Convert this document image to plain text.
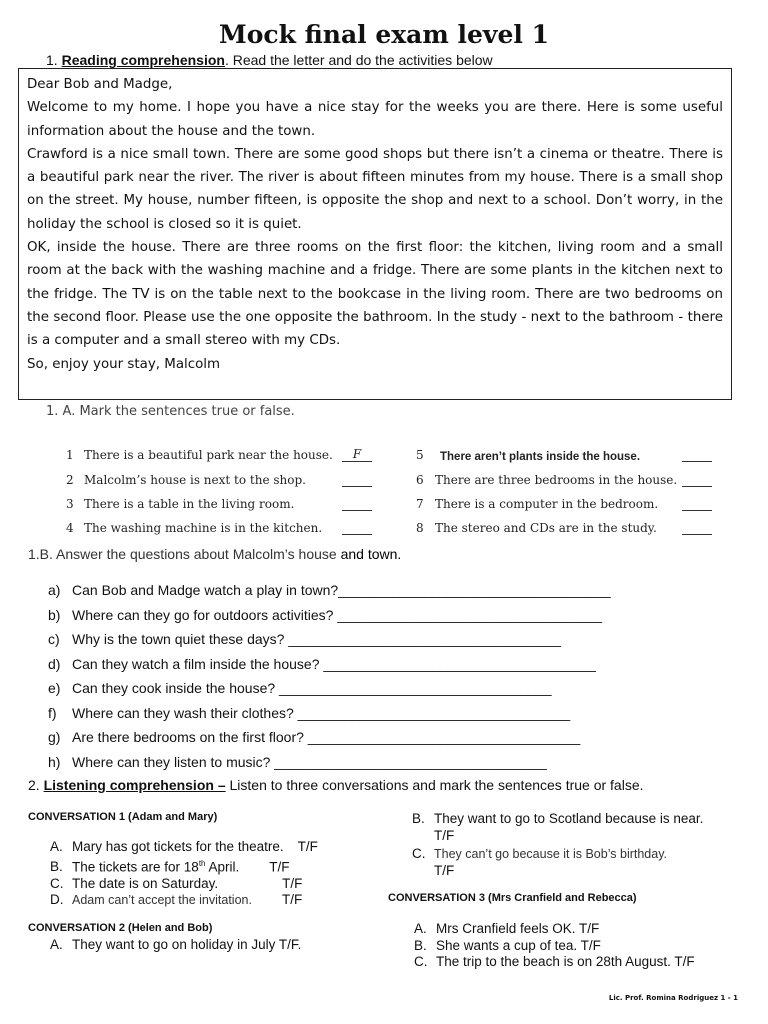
Mock final exam level 1
1. Reading comprehension. Read the letter and do the activities below

Dear Bob and Madge,

Welcome to my home. I hope you have a nice stay for the weeks you are there. Here is some useful information about the house and the town.

Crawford is a nice small town. There are some good shops but there isn’t a cinema or theatre. There is a beautiful park near the river. The river is about fifteen minutes from my house. There is a small shop on the street. My house, number fifteen, is opposite the shop and next to a school. Don’t worry, in the holiday the school is closed so it is quiet.

OK, inside the house. There are three rooms on the first floor: the kitchen, living room and a small room at the back with the washing machine and a fridge. There are some plants in the kitchen next to the fridge. The TV is on the table next to the bookcase in the living room. There are two bedrooms on the second floor. Please use the one opposite the bathroom. In the study - next to the bathroom - there is a computer and a small stereo with my CDs.

So, enjoy your stay, Malcolm

1. A. Mark the sentences true or false.
1 There is a beautiful park near the house.	F
2 Malcolm’s house is next to the shop.
3 There is a table in the living room.
4 The washing machine is in the kitchen.
5 There aren’t plants inside the house.
6 There are three bedrooms in the house.
7 There is a computer in the bedroom.
8 The stereo and CDs are in the study.
1.B. Answer the questions about Malcolm’s house and town.
a) Can Bob and Madge watch a play in town?___________________________________
b) Where can they go for outdoors activities? __________________________________
c) Why is the town quiet these days? ___________________________________
d) Can they watch a film inside the house? ___________________________________
e) Can they cook inside the house? ___________________________________
f) Where can they wash their clothes? ___________________________________
g) Are there bedrooms on the first floor? ___________________________________
h) Where can they listen to music? ___________________________________
2. Listening comprehension – Listen to three conversations and mark the sentences true or false.
CONVERSATION 1 (Adam and Mary)
A. Mary has got tickets for the theatre. T/F
B. The tickets are for 18th April. T/F
C. The date is on Saturday.	T/F
D. Adam can’t accept the invitation. T/F
B. They want to go to Scotland because is near.
T/F
C. They can’t go because it is Bob’s birthday.
T/F
CONVERSATION 2 (Helen and Bob)
A. They want to go on holiday in July T/F.
CONVERSATION 3 (Mrs Cranfield and Rebecca)
A. Mrs Cranfield feels OK. T/F
B. She wants a cup of tea. T/F
C. The trip to the beach is on 28th August. T/F
Lic. Prof. Romina Rodriguez 1 - 1
